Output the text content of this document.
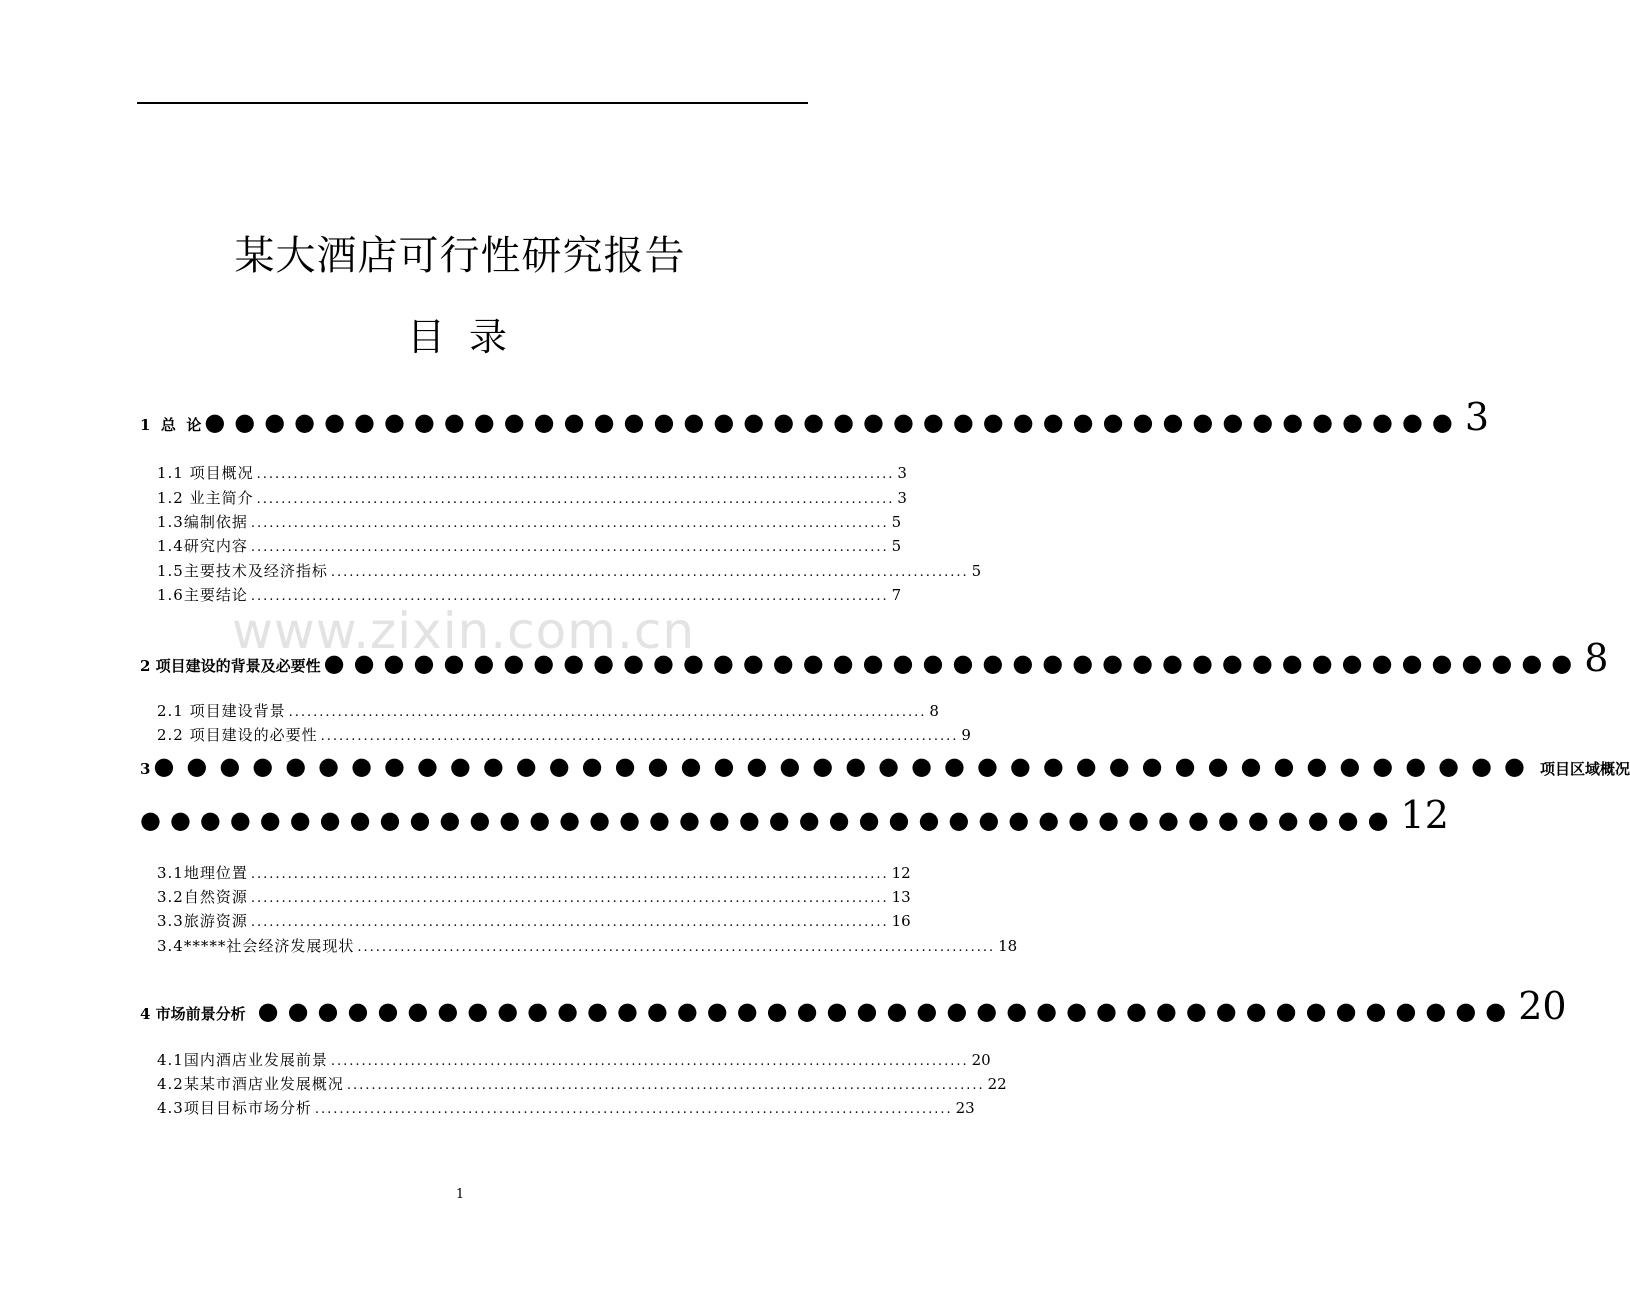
某大酒店可行性研究报告
目 录
www.zixin.com.cn
1  总  论 ●●●●●●●●●●●●●●●●●●●●●●●●●●●●●●●●●●●●●●●●●● 3
1.1 项目概况 ........................................................................................................ 3
1.2 业主简介 ........................................................................................................ 3
1.3编制依据 ........................................................................................................ 5
1.4研究内容 ........................................................................................................ 5
1.5主要技术及经济指标 ........................................................................................................ 5
1.6主要结论 ........................................................................................................ 7
2 项目建设的背景及必要性 ●●●●●●●●●●●●●●●●●●●●●●●●●●●●●●●●●●●●●●●●●● 8
2.1 项目建设背景 ........................................................................................................ 8
2.2 项目建设的必要性 ........................................................................................................ 9
3 ●●●●●●●●●●●●●●●●●●●●●●●●●●●●●●●●●●●●●●●●●● 项目区域概况
●●●●●●●●●●●●●●●●●●●●●●●●●●●●●●●●●●●●●●●●●● 12
3.1地理位置 ........................................................................................................ 12
3.2自然资源 ........................................................................................................ 13
3.3旅游资源 ........................................................................................................ 16
3.4*****社会经济发展现状 ........................................................................................................ 18
4 市场前景分析 ●●●●●●●●●●●●●●●●●●●●●●●●●●●●●●●●●●●●●●●●●● 20
4.1国内酒店业发展前景 ........................................................................................................ 20
4.2某某市酒店业发展概况 ........................................................................................................ 22
4.3项目目标市场分析 ........................................................................................................ 23
1
